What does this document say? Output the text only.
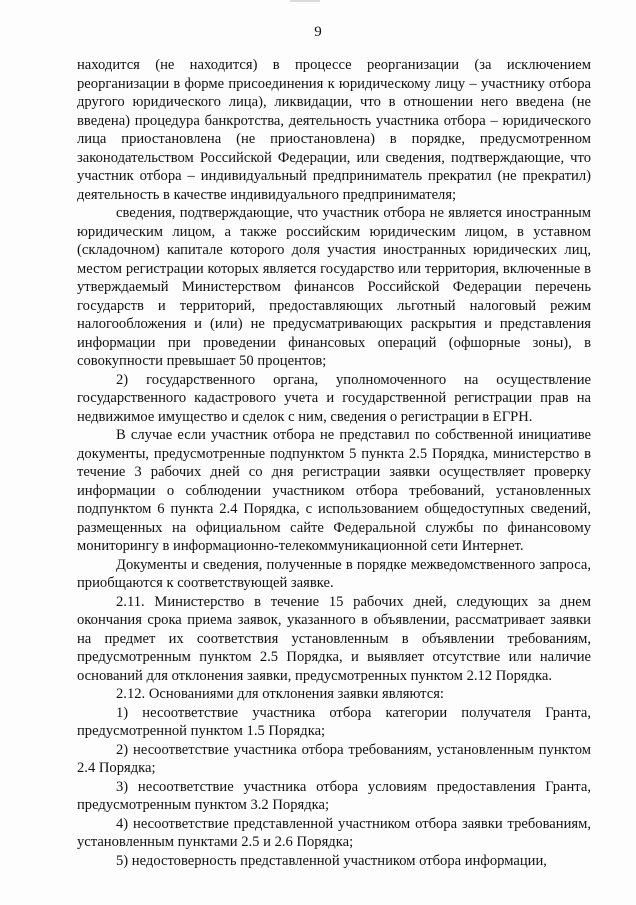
9

находится (не находится) в процессе реорганизации (за исключением реорганизации в форме присоединения к юридическому лицу – участнику отбора другого юридического лица), ликвидации, что в отношении него введена (не введена) процедура банкротства, деятельность участника отбора – юридического лица приостановлена (не приостановлена) в порядке, предусмотренном законодательством Российской Федерации, или сведения, подтверждающие, что участник отбора – индивидуальный предприниматель прекратил (не прекратил) деятельность в качестве индивидуального предпринимателя;

сведения, подтверждающие, что участник отбора не является иностранным юридическим лицом, а также российским юридическим лицом, в уставном (складочном) капитале которого доля участия иностранных юридических лиц, местом регистрации которых является государство или территория, включенные в утверждаемый Министерством финансов Российской Федерации перечень государств и территорий, предоставляющих льготный налоговый режим налогообложения и (или) не предусматривающих раскрытия и представления информации при проведении финансовых операций (офшорные зоны), в совокупности превышает 50 процентов;

2) государственного органа, уполномоченного на осуществление государственного кадастрового учета и государственной регистрации прав на недвижимое имущество и сделок с ним, сведения о регистрации в ЕГРН.

В случае если участник отбора не представил по собственной инициативе документы, предусмотренные подпунктом 5 пункта 2.5 Порядка, министерство в течение 3 рабочих дней со дня регистрации заявки осуществляет проверку информации о соблюдении участником отбора требований, установленных подпунктом 6 пункта 2.4 Порядка, с использованием общедоступных сведений, размещенных на официальном сайте Федеральной службы по финансовому мониторингу в информационно-телекоммуникационной сети Интернет.

Документы и сведения, полученные в порядке межведомственного запроса, приобщаются к соответствующей заявке.

2.11. Министерство в течение 15 рабочих дней, следующих за днем окончания срока приема заявок, указанного в объявлении, рассматривает заявки на предмет их соответствия установленным в объявлении требованиям, предусмотренным пунктом 2.5 Порядка, и выявляет отсутствие или наличие оснований для отклонения заявки, предусмотренных пунктом 2.12 Порядка.

2.12. Основаниями для отклонения заявки являются:

1) несоответствие участника отбора категории получателя Гранта, предусмотренной пунктом 1.5 Порядка;

2) несоответствие участника отбора требованиям, установленным пунктом 2.4 Порядка;

3) несоответствие участника отбора условиям предоставления Гранта, предусмотренным пунктом 3.2 Порядка;

4) несоответствие представленной участником отбора заявки требованиям, установленным пунктами 2.5 и 2.6 Порядка;

5) недостоверность представленной участником отбора информации,
